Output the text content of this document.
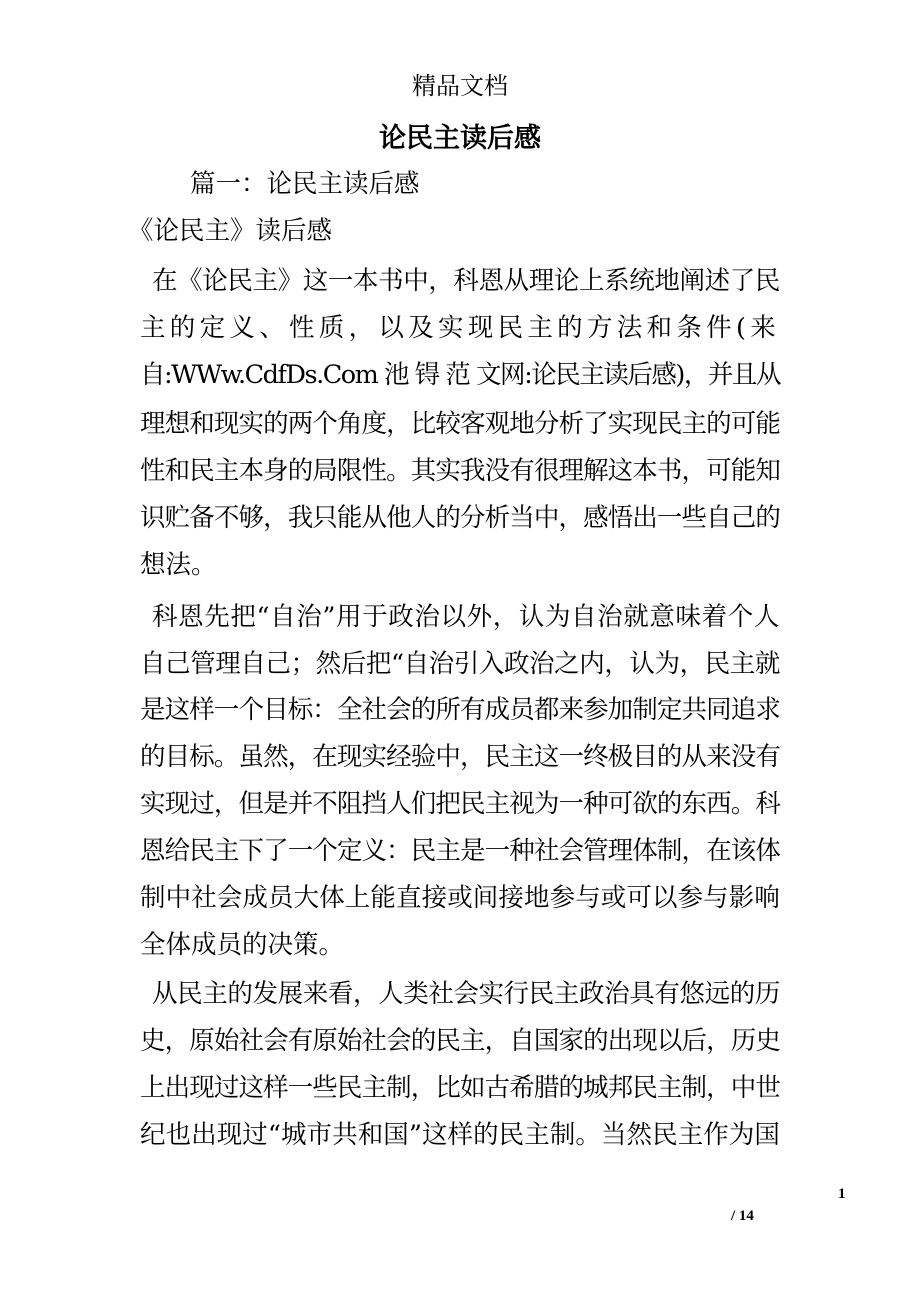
精品文档
论民主读后感
篇一：论民主读后感
《论民主》读后感
在《论民主》这一本书中，科恩从理论上系统地阐述了民
主的定义、性质，以及实现民主的方法和条件(来
自:WWw.CdfDs.Com 池 锝 范 文网:论民主读后感)，并且从
理想和现实的两个角度，比较客观地分析了实现民主的可能
性和民主本身的局限性。其实我没有很理解这本书，可能知
识贮备不够，我只能从他人的分析当中，感悟出一些自己的
想法。
科恩先把“自治”用于政治以外，认为自治就意味着个人
自己管理自己；然后把“自治引入政治之内，认为，民主就
是这样一个目标：全社会的所有成员都来参加制定共同追求
的目标。虽然，在现实经验中，民主这一终极目的从来没有
实现过，但是并不阻挡人们把民主视为一种可欲的东西。科
恩给民主下了一个定义：民主是一种社会管理体制，在该体
制中社会成员大体上能直接或间接地参与或可以参与影响
全体成员的决策。
从民主的发展来看，人类社会实行民主政治具有悠远的历
史，原始社会有原始社会的民主，自国家的出现以后，历史
上出现过这样一些民主制，比如古希腊的城邦民主制，中世
纪也出现过“城市共和国”这样的民主制。当然民主作为国
1
/ 14
